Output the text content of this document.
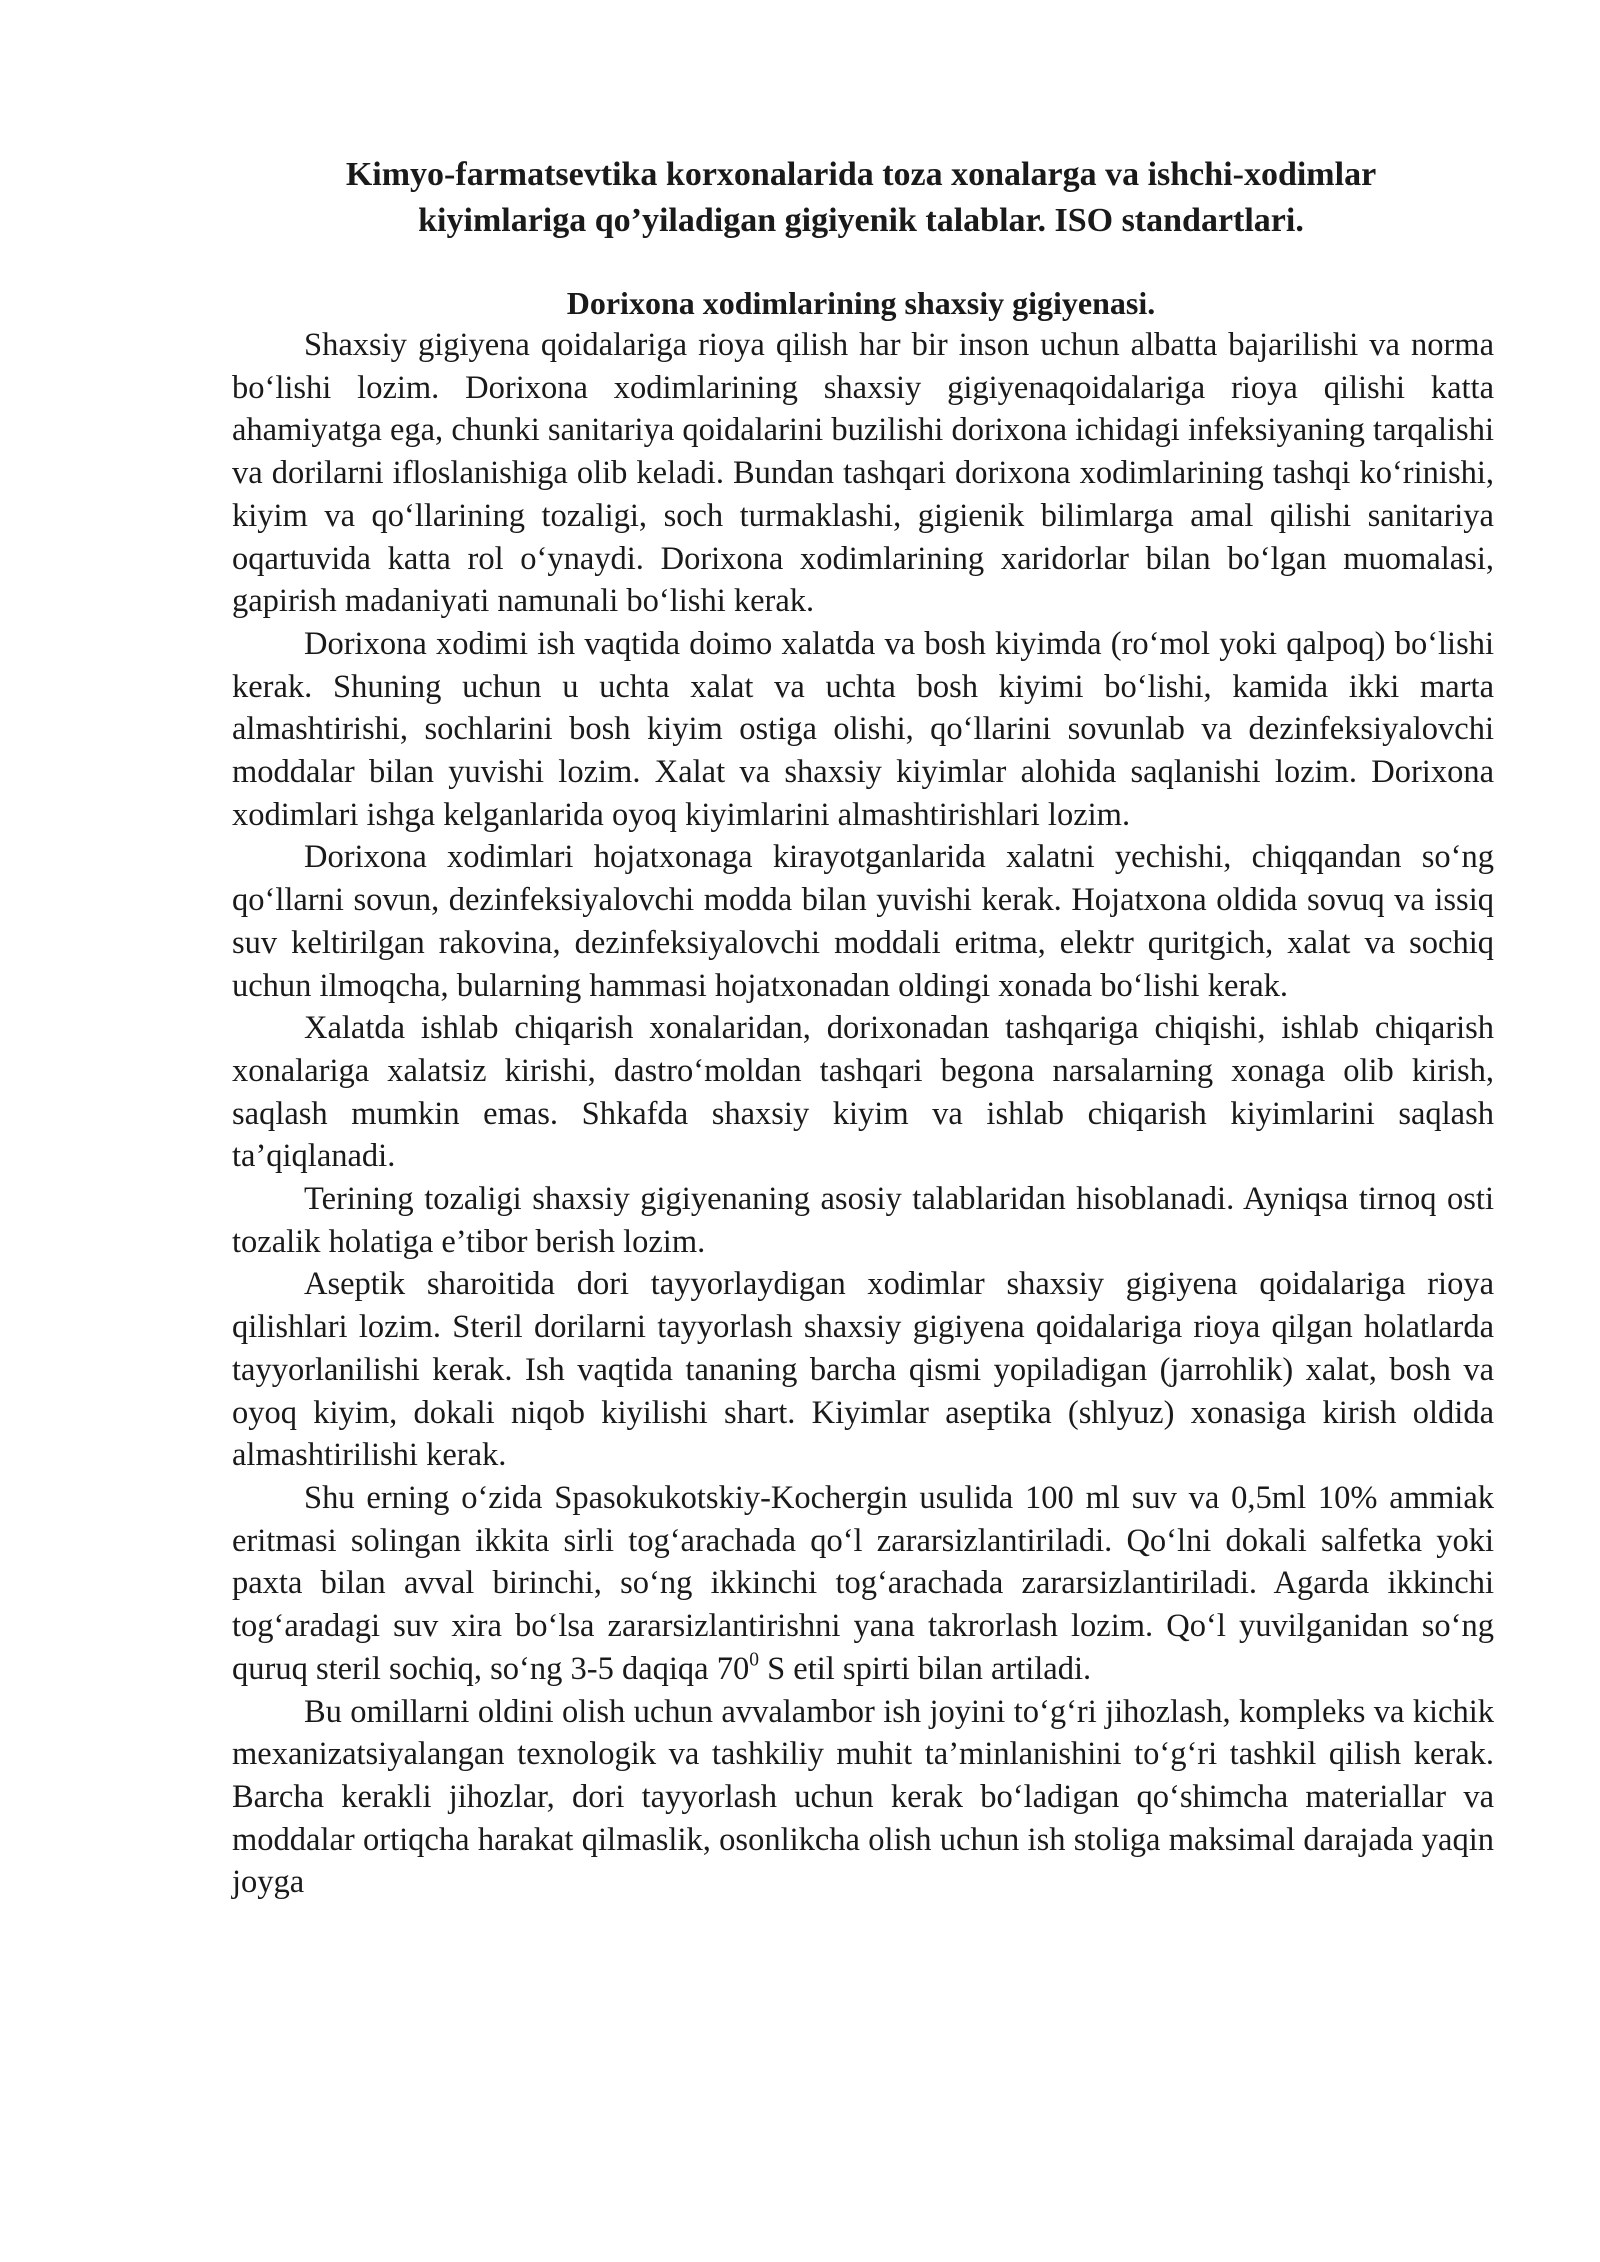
Kimyo-farmatsevtika korxonalarida toza xonalarga va ishchi-xodimlar
kiyimlariga qo’yiladigan gigiyenik talablar. ISO standartlari.
Dorixona xodimlarining shaxsiy gigiyenasi.

Shaxsiy gigiyena qoidalariga rioya qilish har bir inson uchun albatta bajarilishi va norma bo‘lishi lozim. Dorixona xodimlarining shaxsiy gigiyenaqoidalariga rioya qilishi katta ahamiyatga ega, chunki sanitariya qoidalarini buzilishi dorixona ichidagi infeksiyaning tarqalishi va dorilarni ifloslanishiga olib keladi. Bundan tashqari dorixona xodimlarining tashqi ko‘rinishi, kiyim va qo‘llarining tozaligi, soch turmaklashi, gigienik bilimlarga amal qilishi sanitariya oqartuvida katta rol o‘ynaydi. Dorixona xodimlarining xaridorlar bilan bo‘lgan muomalasi, gapirish madaniyati namunali bo‘lishi kerak.

Dorixona xodimi ish vaqtida doimo xalatda va bosh kiyimda (ro‘mol yoki qalpoq) bo‘lishi kerak. Shuning uchun u uchta xalat va uchta bosh kiyimi bo‘lishi, kamida ikki marta almashtirishi, sochlarini bosh kiyim ostiga olishi, qo‘llarini sovunlab va dezinfeksiyalovchi moddalar bilan yuvishi lozim. Xalat va shaxsiy kiyimlar alohida saqlanishi lozim. Dorixona xodimlari ishga kelganlarida oyoq kiyimlarini almashtirishlari lozim.

Dorixona xodimlari hojatxonaga kirayotganlarida xalatni yechishi, chiqqandan so‘ng qo‘llarni sovun, dezinfeksiyalovchi modda bilan yuvishi kerak. Hojatxona oldida sovuq va issiq suv keltirilgan rakovina, dezinfeksiyalovchi moddali eritma, elektr quritgich, xalat va sochiq uchun ilmoqcha, bularning hammasi hojatxonadan oldingi xonada bo‘lishi kerak.

Xalatda ishlab chiqarish xonalaridan, dorixonadan tashqariga chiqishi, ishlab chiqarish xonalariga xalatsiz kirishi, dastro‘moldan tashqari begona narsalarning xonaga olib kirish, saqlash mumkin emas. Shkafda shaxsiy kiyim va ishlab chiqarish kiyimlarini saqlash ta’qiqlanadi.

Terining tozaligi shaxsiy gigiyenaning asosiy talablaridan hisoblanadi. Ayniqsa tirnoq osti tozalik holatiga e’tibor berish lozim.

Aseptik sharoitida dori tayyorlaydigan xodimlar shaxsiy gigiyena qoidalariga rioya qilishlari lozim. Steril dorilarni tayyorlash shaxsiy gigiyena qoidalariga rioya qilgan holatlarda tayyorlanilishi kerak. Ish vaqtida tananing barcha qismi yopiladigan (jarrohlik) xalat, bosh va oyoq kiyim, dokali niqob kiyilishi shart. Kiyimlar aseptika (shlyuz) xonasiga kirish oldida almashtirilishi kerak.

Shu erning o‘zida Spasokukotskiy-Kochergin usulida 100 ml suv va 0,5ml 10% ammiak eritmasi solingan ikkita sirli tog‘arachada qo‘l zararsizlantiriladi. Qo‘lni dokali salfetka yoki paxta bilan avval birinchi, so‘ng ikkinchi tog‘arachada zararsizlantiriladi. Agarda ikkinchi tog‘aradagi suv xira bo‘lsa zararsizlantirishni yana takrorlash lozim. Qo‘l yuvilganidan so‘ng quruq steril sochiq, so‘ng 3-5 daqiqa $70^0$ S etil spirti bilan artiladi.

Bu omillarni oldini olish uchun avvalambor ish joyini to‘g‘ri jihozlash, kompleks va kichik mexanizatsiyalangan texnologik va tashkiliy muhit ta’minlanishini to‘g‘ri tashkil qilish kerak. Barcha kerakli jihozlar, dori tayyorlash uchun kerak bo‘ladigan qo‘shimcha materiallar va moddalar ortiqcha harakat qilmaslik, osonlikcha olish uchun ish stoliga maksimal darajada yaqin joyga
